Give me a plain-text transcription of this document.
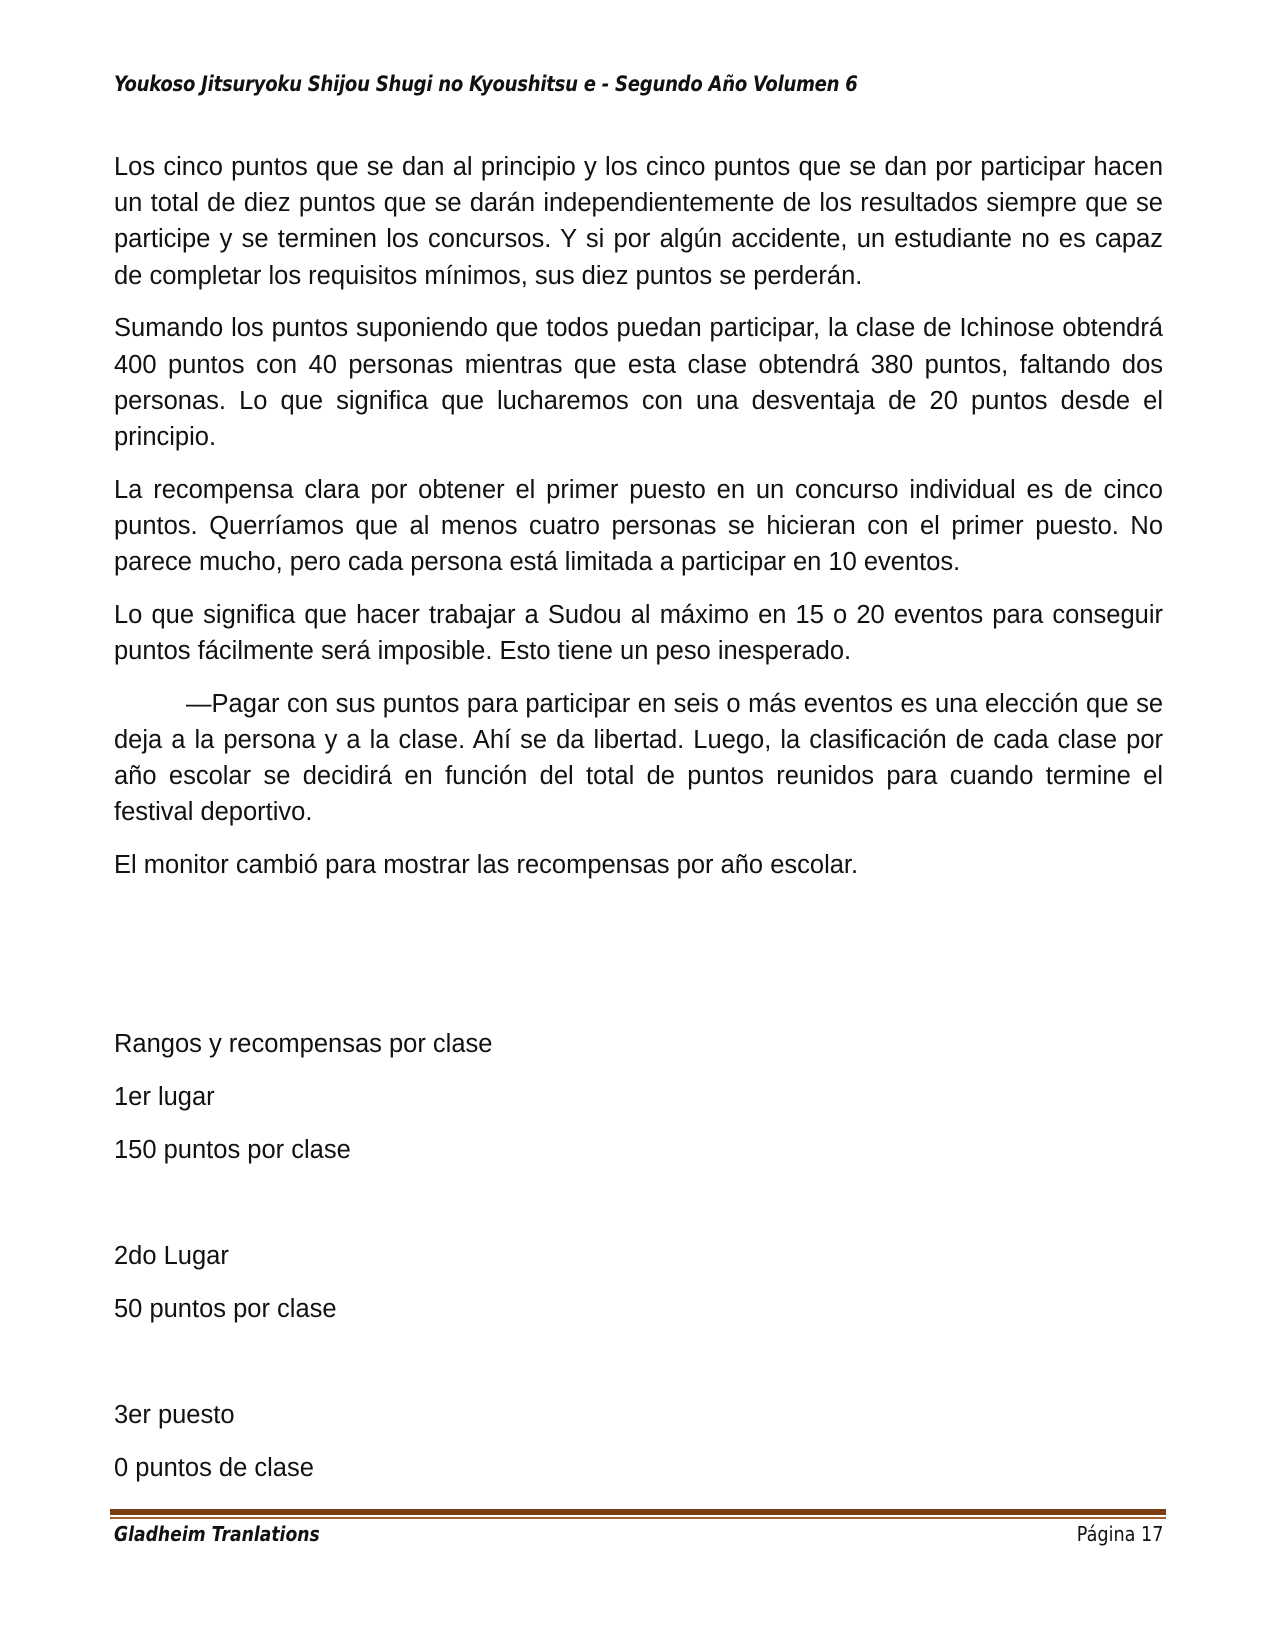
Youkoso Jitsuryoku Shijou Shugi no Kyoushitsu e - Segundo Año Volumen 6

Los cinco puntos que se dan al principio y los cinco puntos que se dan por participar hacen un total de diez puntos que se darán independientemente de los resultados siempre que se participe y se terminen los concursos. Y si por algún accidente, un estudiante no es capaz de completar los requisitos mínimos, sus diez puntos se perderán.

Sumando los puntos suponiendo que todos puedan participar, la clase de Ichinose obtendrá 400 puntos con 40 personas mientras que esta clase obtendrá 380 puntos, faltando dos personas. Lo que significa que lucharemos con una desventaja de 20 puntos desde el principio.

La recompensa clara por obtener el primer puesto en un concurso individual es de cinco puntos. Querríamos que al menos cuatro personas se hicieran con el primer puesto. No parece mucho, pero cada persona está limitada a participar en 10 eventos.

Lo que significa que hacer trabajar a Sudou al máximo en 15 o 20 eventos para conseguir puntos fácilmente será imposible. Esto tiene un peso inesperado.

—Pagar con sus puntos para participar en seis o más eventos es una elección que se deja a la persona y a la clase. Ahí se da libertad. Luego, la clasificación de cada clase por año escolar se decidirá en función del total de puntos reunidos para cuando termine el festival deportivo.

El monitor cambió para mostrar las recompensas por año escolar.

Rangos y recompensas por clase
1er lugar
150 puntos por clase
2do Lugar
50 puntos por clase
3er puesto
0 puntos de clase
Gladheim Tranlations	Página 17
